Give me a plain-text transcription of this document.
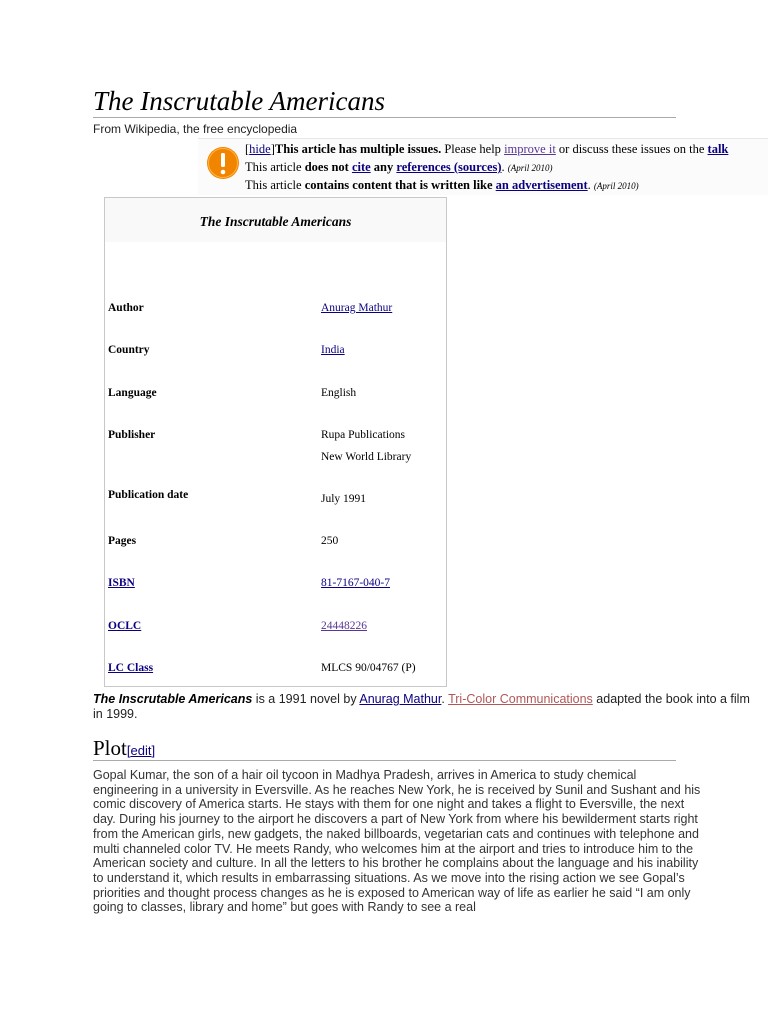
The Inscrutable Americans
From Wikipedia, the free encyclopedia
[hide]This article has multiple issues. Please help improve it or discuss these issues on the talk
This article does not cite any references (sources). (April 2010)
This article contains content that is written like an advertisement. (April 2010)
The Inscrutable Americans
Author	Anurag Mathur
Country	India
Language	English
Publisher	Rupa Publications
New World Library
Publication date	July 1991
Pages	250
ISBN	81-7167-040-7
OCLC	24448226
LC Class	MLCS 90/04767 (P)
The Inscrutable Americans is a 1991 novel by Anurag Mathur. Tri-Color Communications adapted the book into a film in 1999.
Plot[edit]

Gopal Kumar, the son of a hair oil tycoon in Madhya Pradesh, arrives in America to study chemical engineering in a university in Eversville. As he reaches New York, he is received by Sunil and Sushant and his comic discovery of America starts. He stays with them for one night and takes a flight to Eversville, the next day. During his journey to the airport he discovers a part of New York from where his bewilderment starts right from the American girls, new gadgets, the naked billboards, vegetarian cats and continues with telephone and multi channeled color TV. He meets Randy, who welcomes him at the airport and tries to introduce him to the American society and culture. In all the letters to his brother he complains about the language and his inability to understand it, which results in embarrassing situations. As we move into the rising action we see Gopal’s priorities and thought process changes as he is exposed to American way of life as earlier he said “I am only going to classes, library and home” but goes with Randy to see a real
